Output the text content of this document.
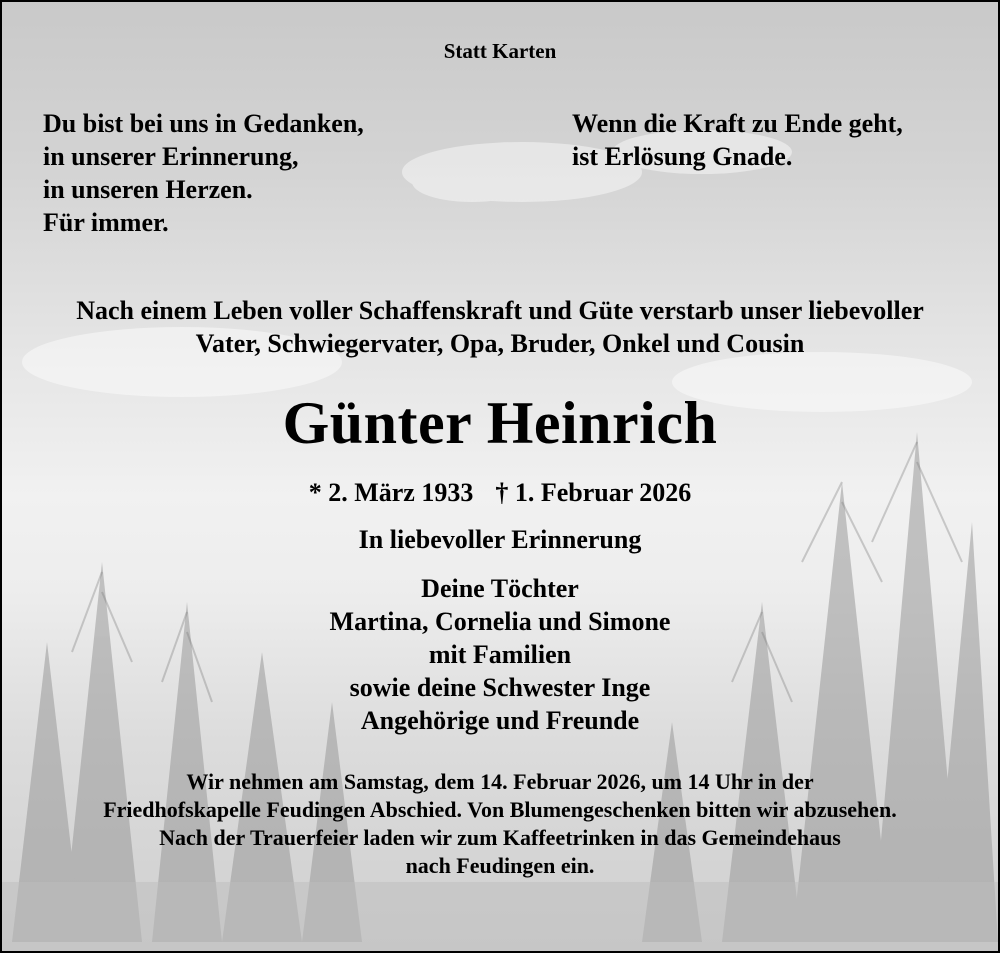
Statt Karten
Du bist bei uns in Gedanken,
in unserer Erinnerung,
in unseren Herzen.
Für immer.
Wenn die Kraft zu Ende geht,
ist Erlösung Gnade.
Nach einem Leben voller Schaffenskraft und Güte verstarb unser liebevoller
Vater, Schwiegervater, Opa, Bruder, Onkel und Cousin
Günter Heinrich
* 2. März 1933 † 1. Februar 2026
In liebevoller Erinnerung
Deine Töchter
Martina, Cornelia und Simone
mit Familien
sowie deine Schwester Inge
Angehörige und Freunde
Wir nehmen am Samstag, dem 14. Februar 2026, um 14 Uhr in der
Friedhofskapelle Feudingen Abschied. Von Blumengeschenken bitten wir abzusehen.
Nach der Trauerfeier laden wir zum Kaffeetrinken in das Gemeindehaus
nach Feudingen ein.
